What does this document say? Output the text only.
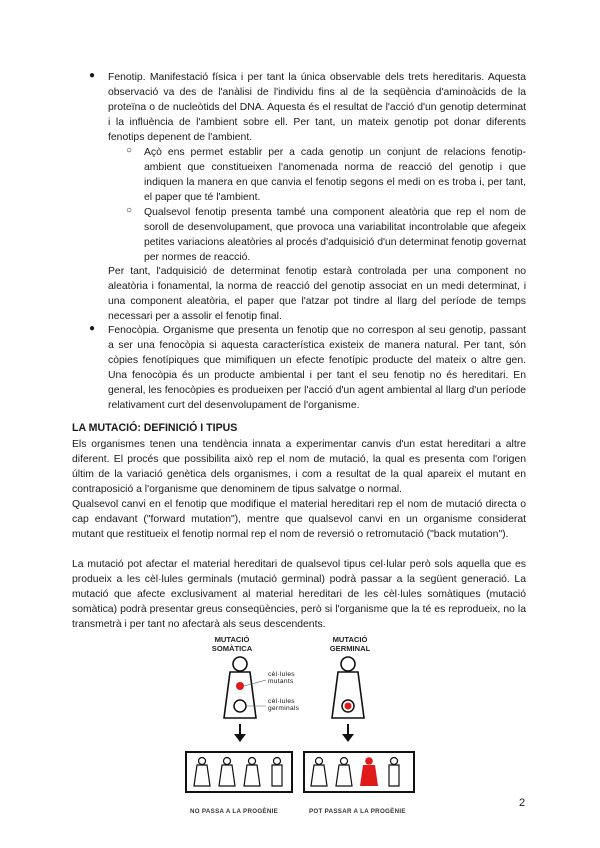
● Fenotip. Manifestació física i per tant la única observable dels trets hereditaris. Aquesta observació va des de l'anàlisi de l'individu fins al de la seqüència d'aminoàcids de la proteïna o de nucleòtids del DNA. Aquesta és el resultat de l'acció d'un genotip determinat i la influència de l'ambient sobre ell. Per tant, un mateix genotip pot donar diferents fenotips depenent de l'ambient.

○ Açò ens permet establir per a cada genotip un conjunt de relacions fenotip-ambient que constitueixen l'anomenada norma de reacció del genotip i que indiquen la manera en que canvia el fenotip segons el medi on es troba i, per tant, el paper que té l'ambient.

○ Qualsevol fenotip presenta també una component aleatòria que rep el nom de soroll de desenvolupament, que provoca una variabilitat incontrolable que afegeix petites variacions aleatòries al procés d'adquisició d'un determinat fenotip governat per normes de reacció.

Per tant, l'adquisició de determinat fenotip estarà controlada per una component no aleatòria i fonamental, la norma de reacció del genotip associat en un medi determinat, i una component aleatòria, el paper que l'atzar pot tindre al llarg del període de temps necessari per a assolir el fenotip final.

● Fenocòpia. Organisme que presenta un fenotip que no correspon al seu genotip, passant a ser una fenocòpia si aquesta característica existeix de manera natural. Per tant, són còpies fenotípiques que mimifiquen un efecte fenotípic producte del mateix o altre gen. Una fenocòpia és un producte ambiental i per tant el seu fenotip no és hereditari. En general, les fenocòpies es produeixen per l'acció d'un agent ambiental al llarg d'un període relativament curt del desenvolupament de l'organisme.

LA MUTACIÓ: DEFINICIÓ I TIPUS

Els organismes tenen una tendència innata a experimentar canvis d'un estat hereditari a altre diferent. El procés que possibilita això rep el nom de mutació, la qual es presenta com l'origen últim de la variació genètica dels organismes, i com a resultat de la qual apareix el mutant en contraposició a l'organisme que denominem de tipus salvatge o normal.

Qualsevol canvi en el fenotip que modifique el material hereditari rep el nom de mutació directa o cap endavant ("forward mutation"), mentre que qualsevol canvi en un organisme considerat mutant que restitueix el fenotip normal rep el nom de reversió o retromutació ("back mutation").

La mutació pot afectar el material hereditari de qualsevol tipus cel·lular però sols aquella que es produeix a les cèl·lules germinals (mutació germinal) podrà passar a la següent generació. La mutació que afecte exclusivament al material hereditari de les cèl·lules somàtiques (mutació somàtica) podrà presentar greus conseqüències, però si l'organisme que la té es reprodueix, no la transmetrà i per tant no afectarà als seus descendents.

MUTACIÓ
SOMÀTICA
MUTACIÓ
GERMINAL
cèl·lules
mutants
cèl·lules
germinals
NO PASSA A LA PROGÈNIE	POT PASSAR A LA PROGÈNIE
2
